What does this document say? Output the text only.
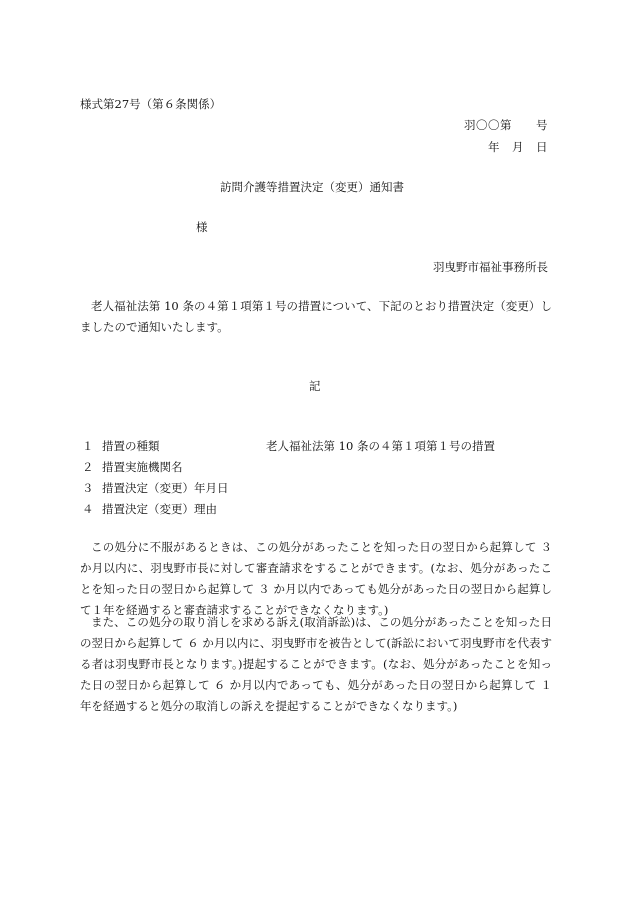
様式第27号（第６条関係）
羽〇〇第　　号
年　月　日
訪問介護等措置決定（変更）通知書
様
羽曳野市福祉事務所長

老人福祉法第 10 条の４第１項第１号の措置について、下記のとおり措置決定（変更）しましたので通知いたします。

記
１ 措置の種類	老人福祉法第 10 条の４第１項第１号の措置
２ 措置実施機関名
３ 措置決定（変更）年月日
４ 措置決定（変更）理由

この処分に不服があるときは、この処分があったことを知った日の翌日から起算して ３か月以内に、羽曳野市長に対して審査請求をすることができます。(なお、処分があったことを知った日の翌日から起算して ３ か月以内であっても処分があった日の翌日から起算して１年を経過すると審査請求することができなくなります。)

また、この処分の取り消しを求める訴え(取消訴訟)は、この処分があったことを知った日の翌日から起算して ６ か月以内に、羽曳野市を被告として(訴訟において羽曳野市を代表する者は羽曳野市長となります。)提起することができます。(なお、処分があったことを知った日の翌日から起算して ６ か月以内であっても、処分があった日の翌日から起算して １ 年を経過すると処分の取消しの訴えを提起することができなくなります。)
